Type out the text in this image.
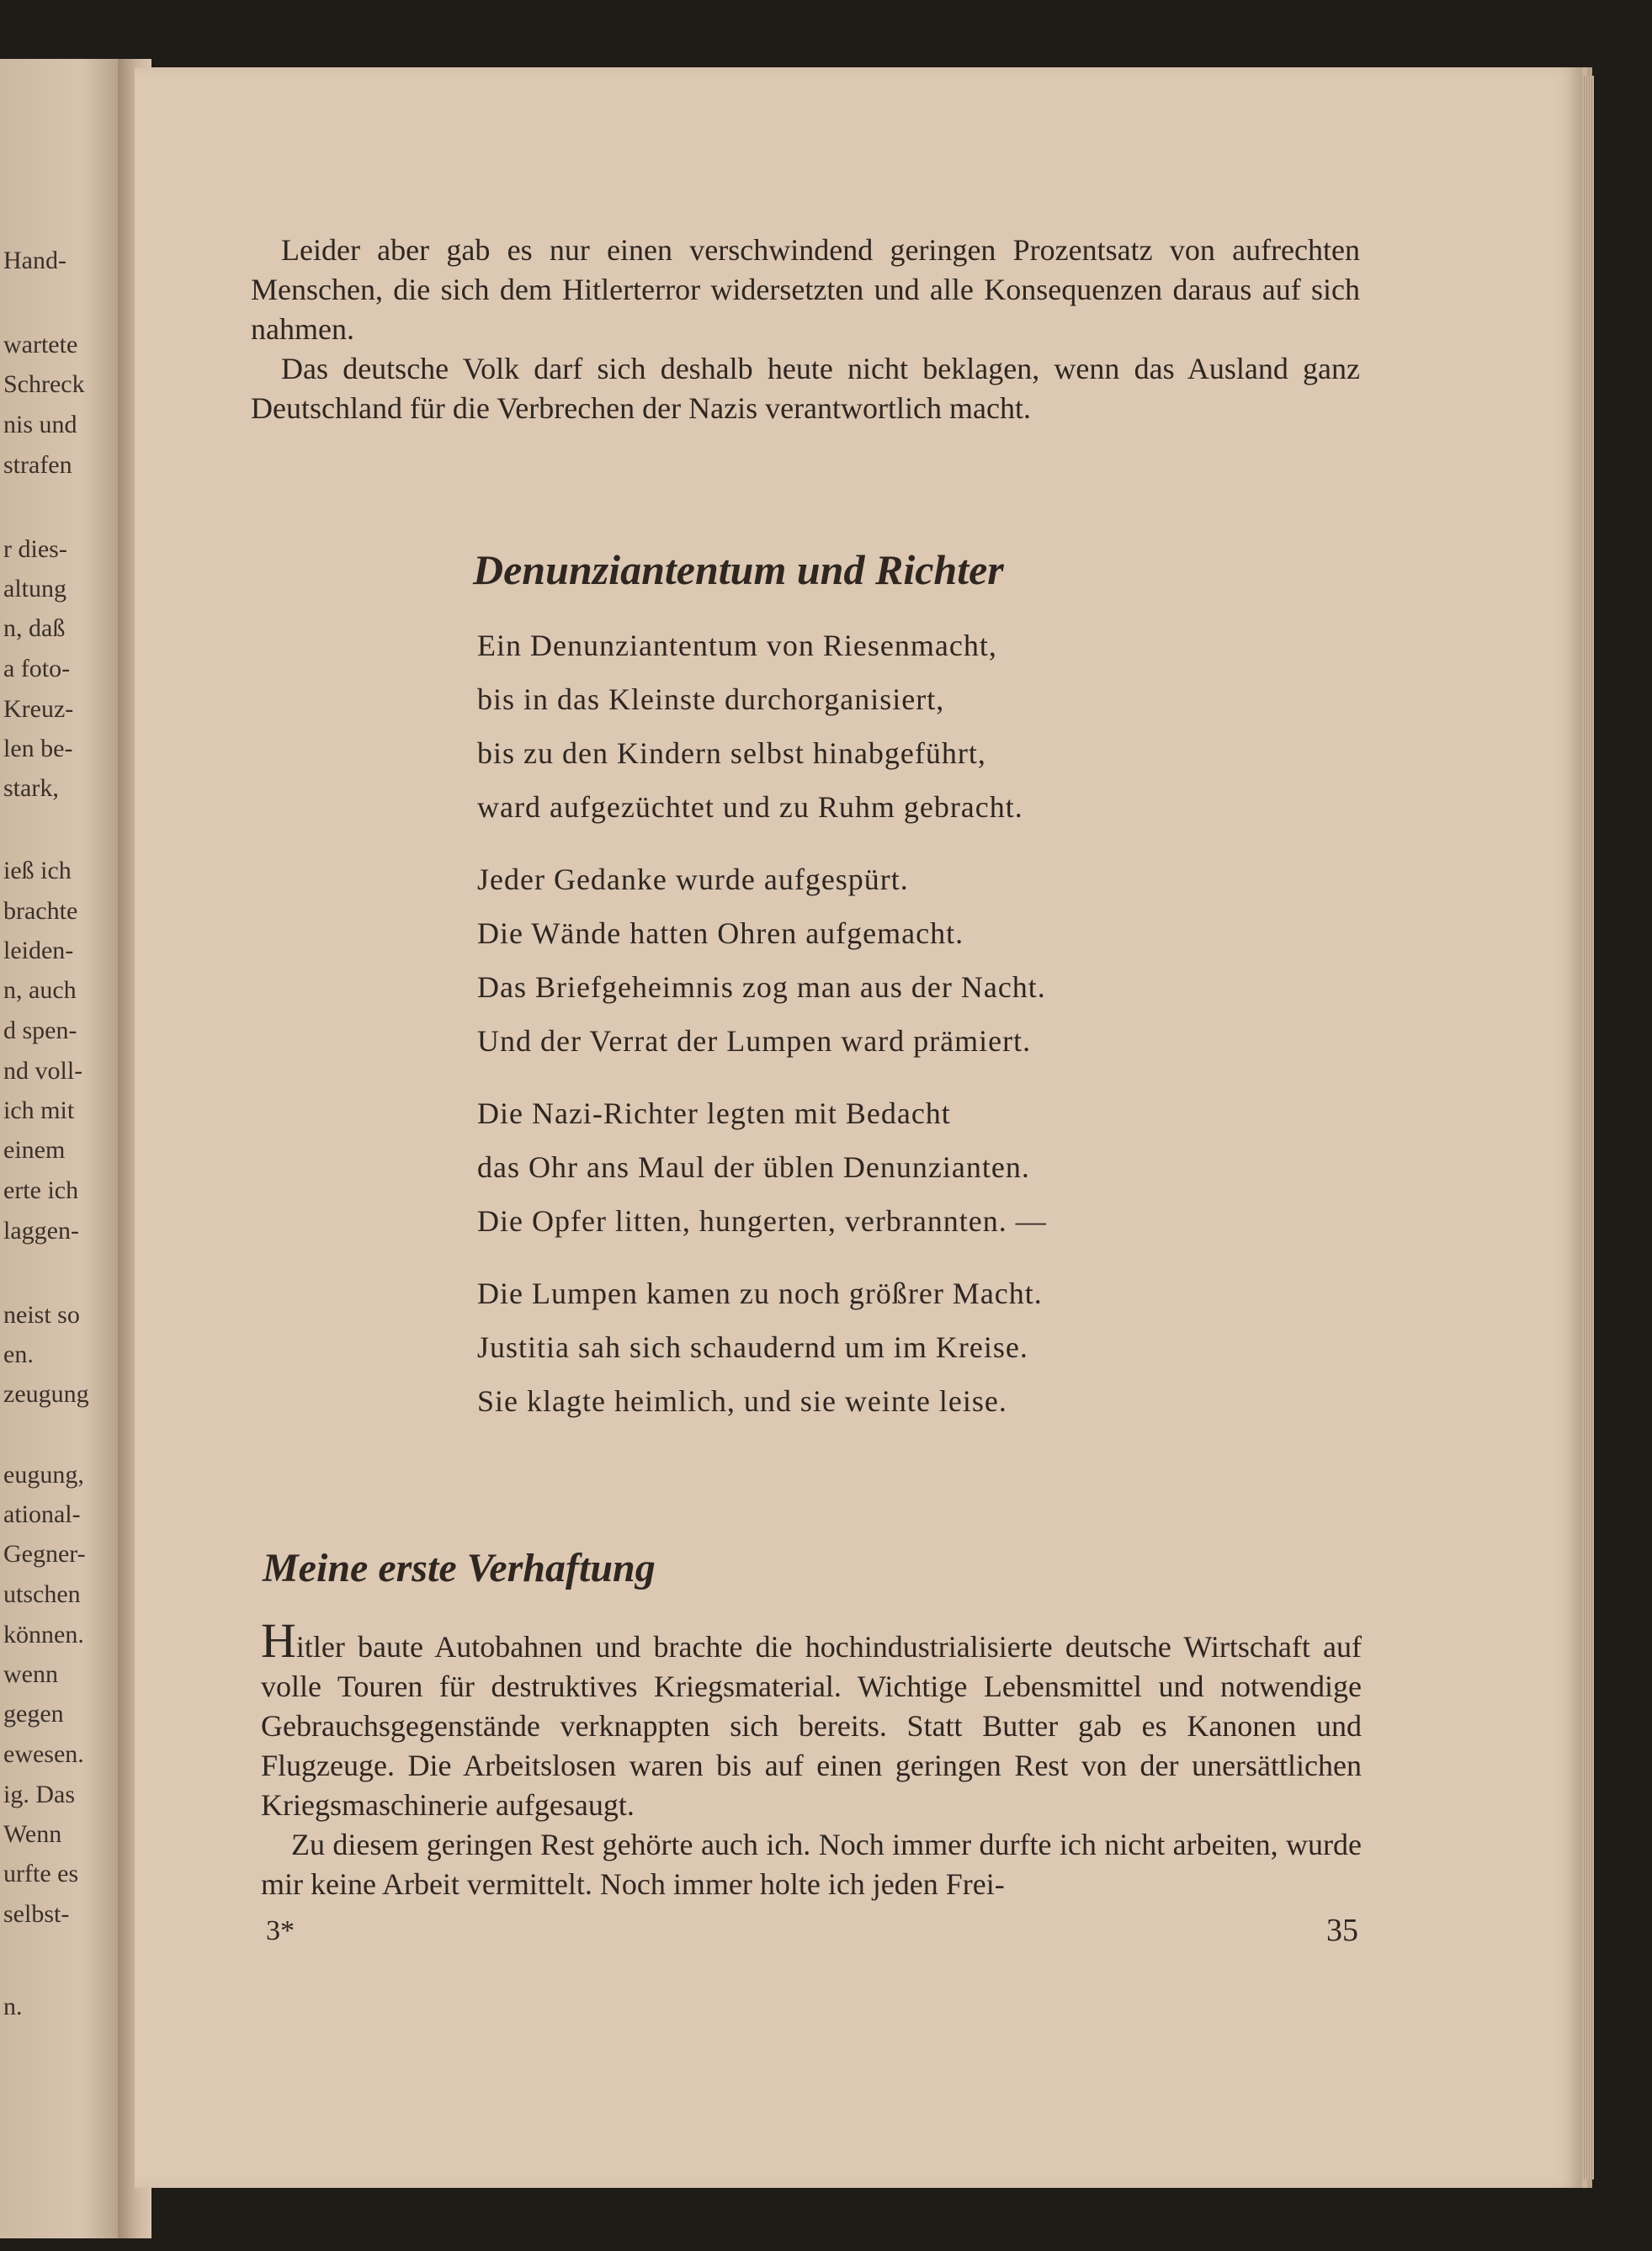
Hand-
wartete
Schreck
nis und
strafen
r dies-
altung
n, daß
a foto-
Kreuz-
len be-
stark,
ieß ich
brachte
leiden-
n, auch
d spen-
nd voll-
ich mit
einem
erte ich
laggen-
neist so
en.
zeugung
eugung,
ational-
Gegner-
utschen
können.
wenn
gegen
ewesen.
ig. Das
Wenn
urfte es
selbst-
n.

Leider aber gab es nur einen verschwindend geringen Prozentsatz von aufrechten Menschen, die sich dem Hitlerterror widersetzten und alle Konsequenzen daraus auf sich nahmen.

Das deutsche Volk darf sich deshalb heute nicht beklagen, wenn das Ausland ganz Deutschland für die Verbrechen der Nazis verantwortlich macht.

Denunziantentum und Richter
Ein Denunziantentum von Riesenmacht,
bis in das Kleinste durchorganisiert,
bis zu den Kindern selbst hinabgeführt,
ward aufgezüchtet und zu Ruhm gebracht.
Jeder Gedanke wurde aufgespürt.
Die Wände hatten Ohren aufgemacht.
Das Briefgeheimnis zog man aus der Nacht.
Und der Verrat der Lumpen ward prämiert.
Die Nazi-Richter legten mit Bedacht
das Ohr ans Maul der üblen Denunzianten.
Die Opfer litten, hungerten, verbrannten. —
Die Lumpen kamen zu noch größrer Macht.
Justitia sah sich schaudernd um im Kreise.
Sie klagte heimlich, und sie weinte leise.
Meine erste Verhaftung

Hitler baute Autobahnen und brachte die hochindustrialisierte deutsche Wirtschaft auf volle Touren für destruktives Kriegsmaterial. Wichtige Lebensmittel und notwendige Gebrauchsgegenstände verknappten sich bereits. Statt Butter gab es Kanonen und Flugzeuge. Die Arbeitslosen waren bis auf einen geringen Rest von der unersättlichen Kriegsmaschinerie aufgesaugt.

Zu diesem geringen Rest gehörte auch ich. Noch immer durfte ich nicht arbeiten, wurde mir keine Arbeit vermittelt. Noch immer holte ich jeden Frei-

3*	35
